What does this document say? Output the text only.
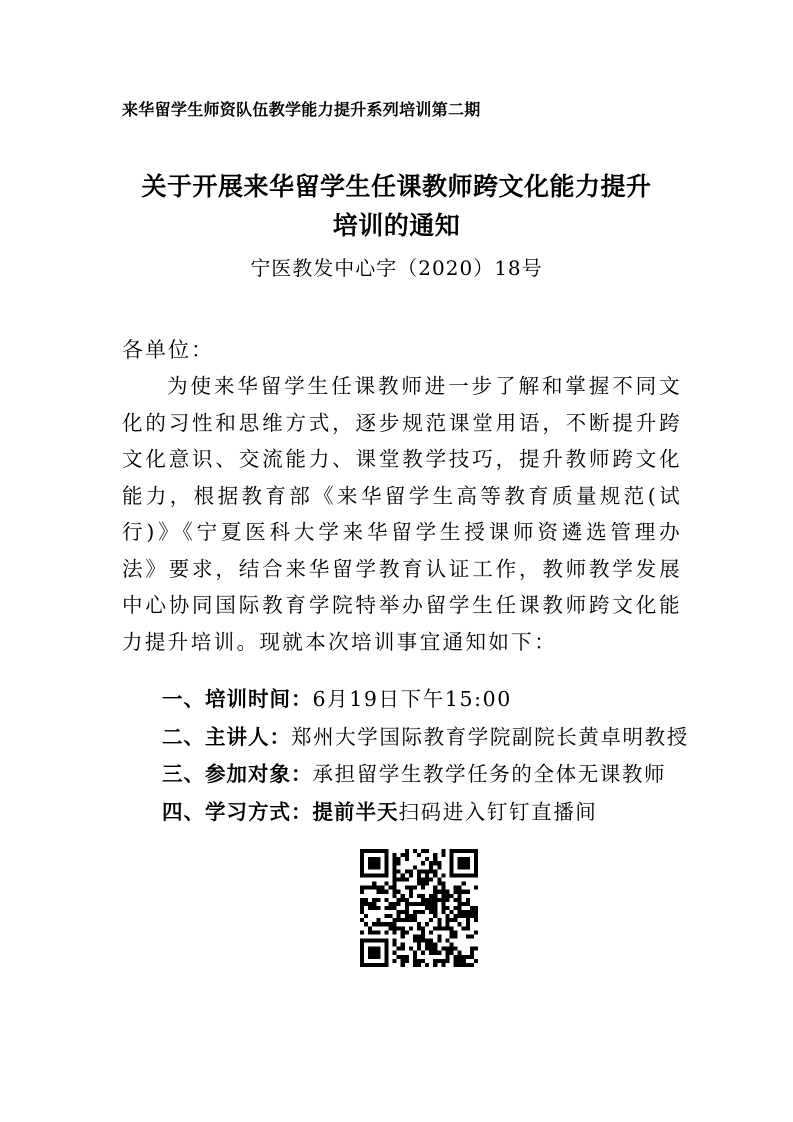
来华留学生师资队伍教学能力提升系列培训第二期
关于开展来华留学生任课教师跨文化能力提升
培训的通知
宁医教发中心字（2020）18号
各单位：

为使来华留学生任课教师进一步了解和掌握不同文化的习性和思维方式，逐步规范课堂用语，不断提升跨文化意识、交流能力、课堂教学技巧，提升教师跨文化能力，根据教育部《来华留学生高等教育质量规范(试行)》《宁夏医科大学来华留学生授课师资遴选管理办法》要求，结合来华留学教育认证工作，教师教学发展中心协同国际教育学院特举办留学生任课教师跨文化能力提升培训。现就本次培训事宜通知如下：

一、培训时间：6月19日下午15:00
二、主讲人：郑州大学国际教育学院副院长黄卓明教授
三、参加对象：承担留学生教学任务的全体无课教师
四、学习方式：提前半天扫码进入钉钉直播间
